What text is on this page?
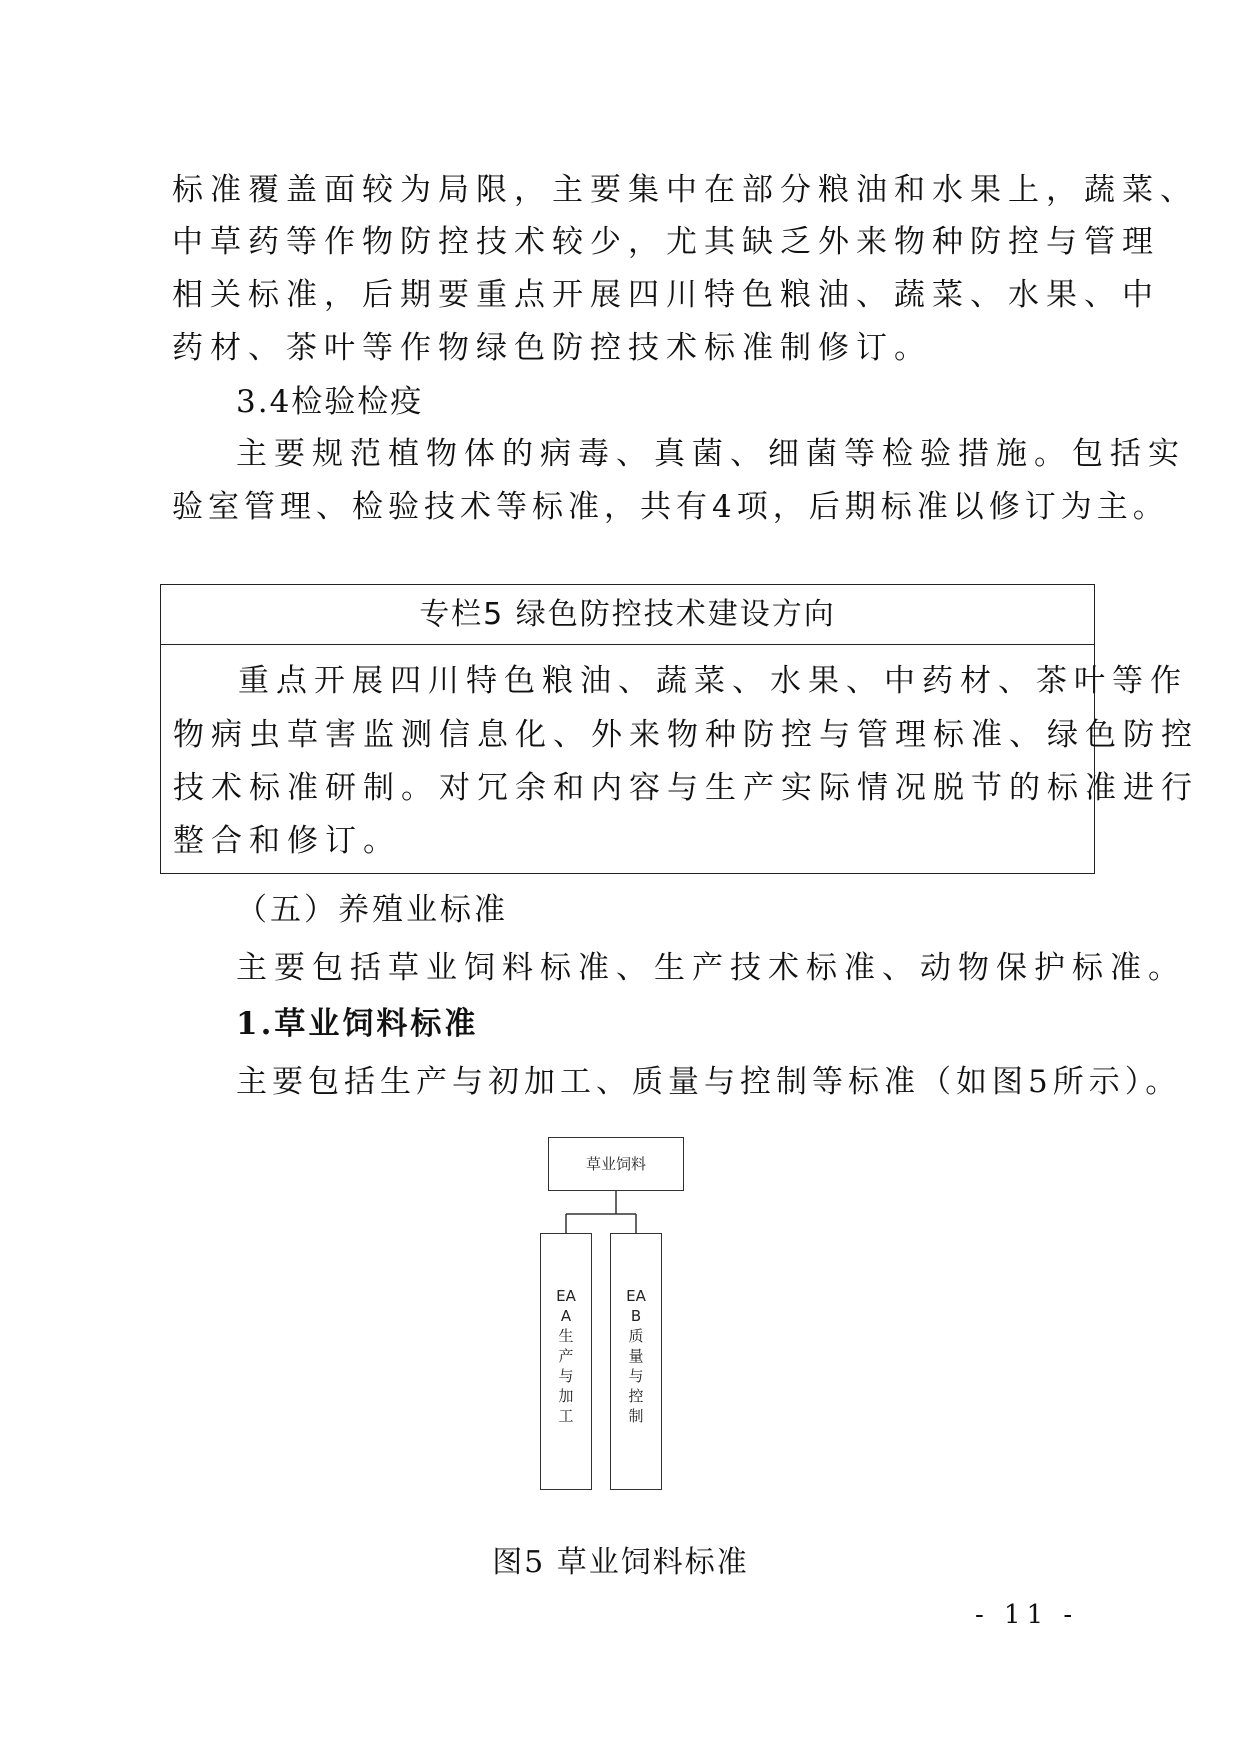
标准覆盖面较为局限，主要集中在部分粮油和水果上，蔬菜、
中草药等作物防控技术较少，尤其缺乏外来物种防控与管理
相关标准，后期要重点开展四川特色粮油、蔬菜、水果、中
药材、茶叶等作物绿色防控技术标准制修订。
3.4检验检疫
主要规范植物体的病毒、真菌、细菌等检验措施。包括实
验室管理、检验技术等标准，共有4项，后期标准以修订为主。
专栏5 绿色防控技术建设方向
重点开展四川特色粮油、蔬菜、水果、中药材、茶叶等作
物病虫草害监测信息化、外来物种防控与管理标准、绿色防控
技术标准研制。对冗余和内容与生产实际情况脱节的标准进行
整合和修订。
（五）养殖业标准
主要包括草业饲料标准、生产技术标准、动物保护标准。
1.草业饲料标准
主要包括生产与初加工、质量与控制等标准（如图5所示）。
草业饲料
EA
A
生
产
与
加
工
EA
B
质
量
与
控
制
图5 草业饲料标准
- 11 -
